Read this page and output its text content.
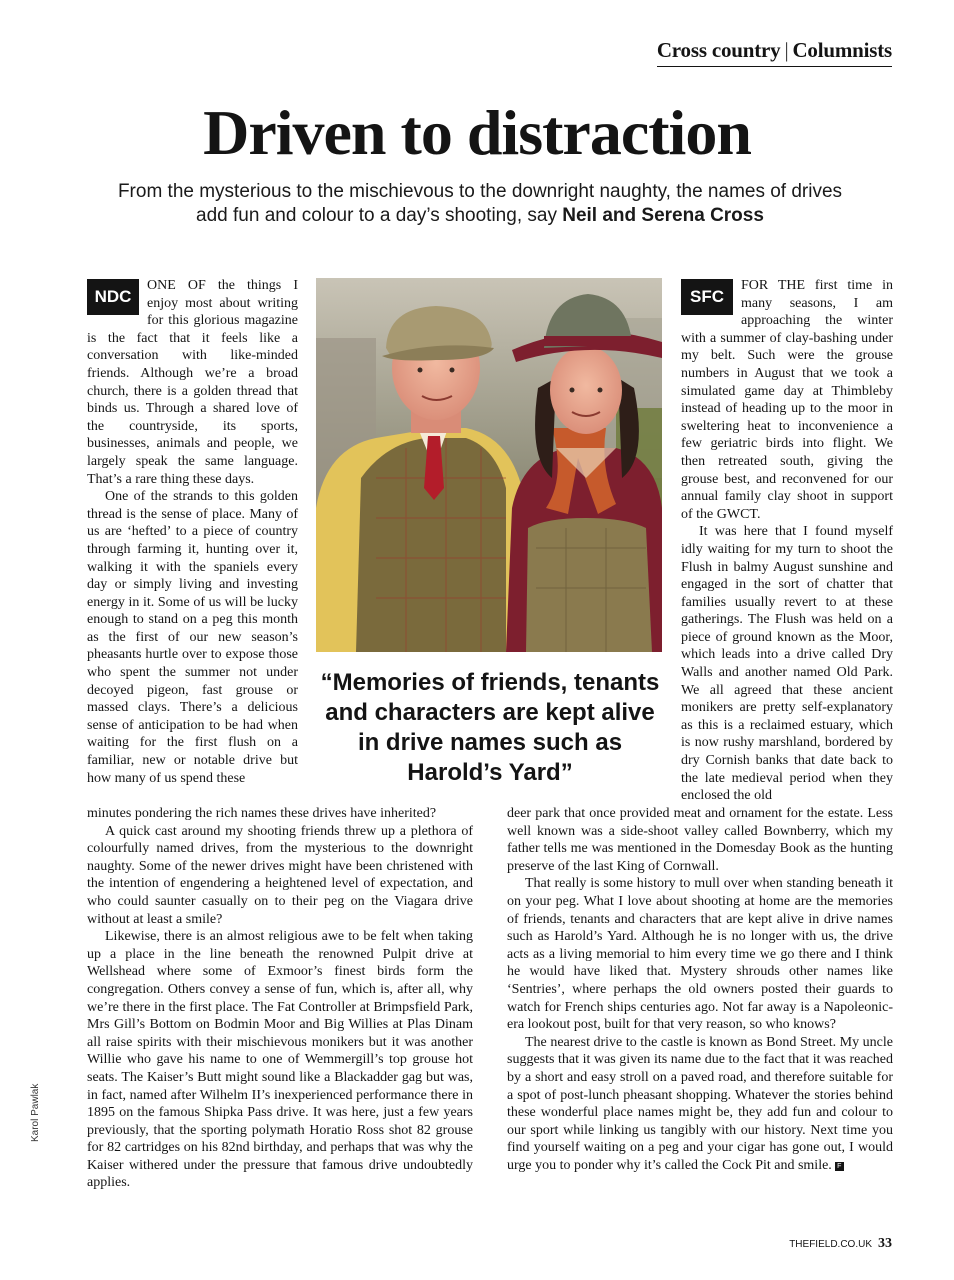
Cross country | Columnists
Driven to distraction
From the mysterious to the mischievous to the downright naughty, the names of drives add fun and colour to a day’s shooting, say Neil and Serena Cross
NDC

ONE OF the things I enjoy most about writing for this glorious magazine is the fact that it feels like a conversation with like-minded friends. Although we’re a broad church, there is a golden thread that binds us. Through a shared love of the countryside, its sports, businesses, animals and people, we largely speak the same language. That’s a rare thing these days.

One of the strands to this golden thread is the sense of place. Many of us are ‘hefted’ to a piece of country through farming it, hunting over it, walking it with the spaniels every day or simply living and investing energy in it. Some of us will be lucky enough to stand on a peg this month as the first of our new season’s pheasants hurtle over to expose those who spent the summer not under decoyed pigeon, fast grouse or massed clays. There’s a delicious sense of anticipation to be had when waiting for the first flush on a familiar, new or notable drive but how many of us spend these

minutes pondering the rich names these drives have inherited?

A quick cast around my shooting friends threw up a plethora of colourfully named drives, from the mysterious to the downright naughty. Some of the newer drives might have been christened with the intention of engendering a heightened level of expectation, and who could saunter casually on to their peg on the Viagara drive without at least a smile?

Likewise, there is an almost religious awe to be felt when taking up a place in the line beneath the renowned Pulpit drive at Wellshead where some of Exmoor’s finest birds form the congregation. Others convey a sense of fun, which is, after all, why we’re there in the first place. The Fat Controller at Brimpsfield Park, Mrs Gill’s Bottom on Bodmin Moor and Big Willies at Plas Dinam all raise spirits with their mischievous monikers but it was another Willie who gave his name to one of Wemmergill’s top grouse hot seats. The Kaiser’s Butt might sound like a Blackadder gag but was, in fact, named after Wilhelm II’s inexperienced performance there in 1895 on the famous Shipka Pass drive. It was here, just a few years previously, that the sporting polymath Horatio Ross shot 82 grouse for 82 cartridges on his 82nd birthday, and perhaps that was why the Kaiser withered under the pressure that famous drive undoubtedly applies.

“Memories of friends, tenants and characters are kept alive in drive names such as Harold’s Yard”
SFC

FOR THE first time in many seasons, I am approaching the winter with a summer of clay-bashing under my belt. Such were the grouse numbers in August that we took a simulated game day at Thimbleby instead of heading up to the moor in sweltering heat to inconvenience a few geriatric birds into flight. We then retreated south, giving the grouse best, and reconvened for our annual family clay shoot in support of the GWCT.

It was here that I found myself idly waiting for my turn to shoot the Flush in balmy August sunshine and engaged in the sort of chatter that families usually revert to at these gatherings. The Flush was held on a piece of ground known as the Moor, which leads into a drive called Dry Walls and another named Old Park. We all agreed that these ancient monikers are pretty self-explanatory as this is a reclaimed estuary, which is now rushy marshland, bordered by dry Cornish banks that date back to the late medieval period when they enclosed the old

deer park that once provided meat and ornament for the estate. Less well known was a side-shoot valley called Bownberry, which my father tells me was mentioned in the Domesday Book as the hunting preserve of the last King of Cornwall.

That really is some history to mull over when standing beneath it on your peg. What I love about shooting at home are the memories of friends, tenants and characters that are kept alive in drive names such as Harold’s Yard. Although he is no longer with us, the drive acts as a living memorial to him every time we go there and I think he would have liked that. Mystery shrouds other names like ‘Sentries’, where perhaps the old owners posted their guards to watch for French ships centuries ago. Not far away is a Napoleonic-era lookout post, built for that very reason, so who knows?

The nearest drive to the castle is known as Bond Street. My uncle suggests that it was given its name due to the fact that it was reached by a short and easy stroll on a paved road, and therefore suitable for a spot of post-lunch pheasant shopping. Whatever the stories behind these wonderful place names might be, they add fun and colour to our sport while linking us tangibly with our history. Next time you find yourself waiting on a peg and your cigar has gone out, I would urge you to ponder why it’s called the Cock Pit and smile. F

Karol Pawlak
THEFIELD.CO.UK 33
